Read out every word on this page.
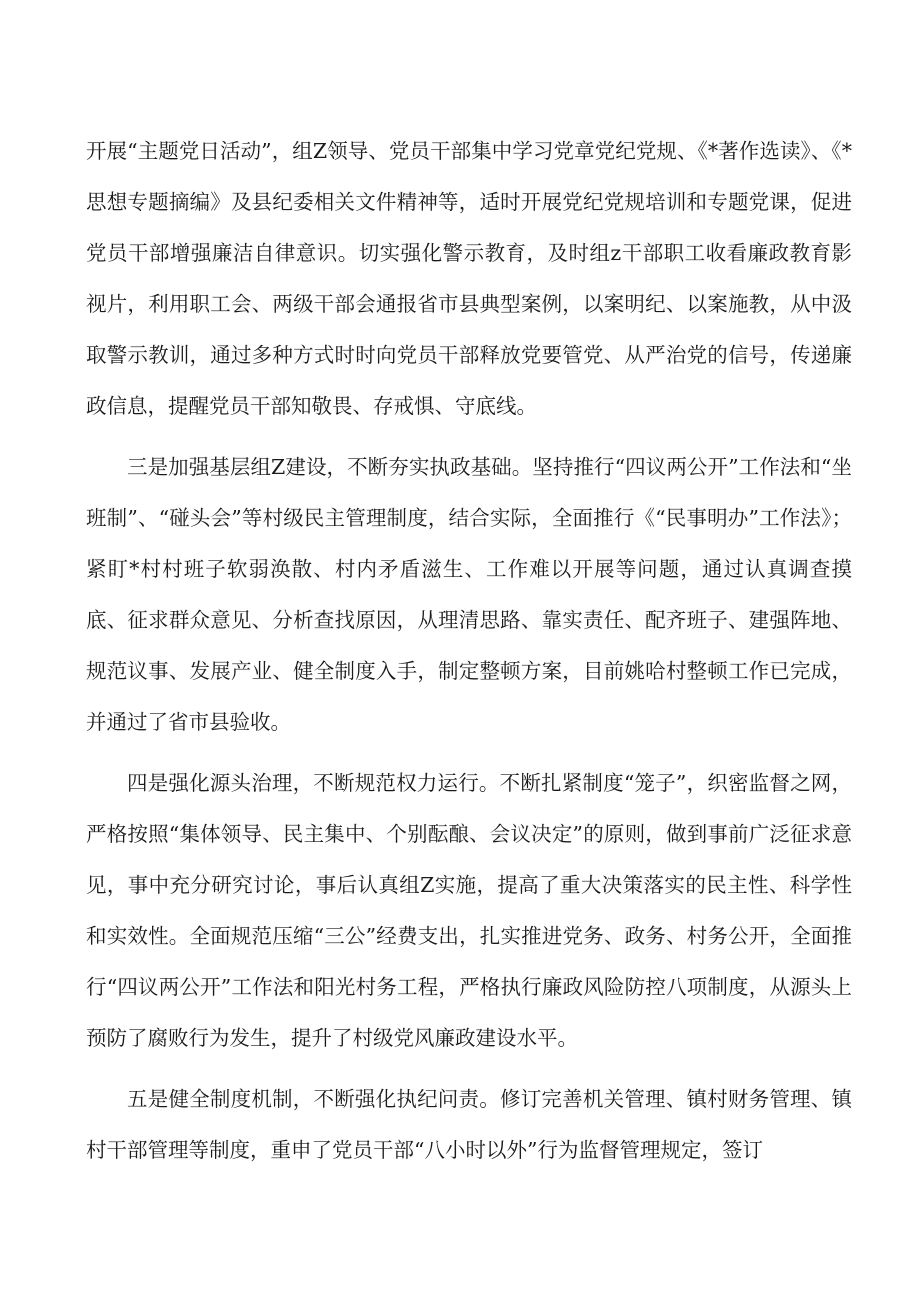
开展“主题党日活动”，组Z领导、党员干部集中学习党章党纪党规、《*著作选读》、《*思想专题摘编》及县纪委相关文件精神等，适时开展党纪党规培训和专题党课，促进党员干部增强廉洁自律意识。切实强化警示教育，及时组z干部职工收看廉政教育影视片，利用职工会、两级干部会通报省市县典型案例，以案明纪、以案施教，从中汲取警示教训，通过多种方式时时向党员干部释放党要管党、从严治党的信号，传递廉政信息，提醒党员干部知敬畏、存戒惧、守底线。

三是加强基层组Z建设，不断夯实执政基础。坚持推行“四议两公开”工作法和“坐班制”、“碰头会”等村级民主管理制度，结合实际，全面推行《“民事明办”工作法》；紧盯*村村班子软弱涣散、村内矛盾滋生、工作难以开展等问题，通过认真调查摸底、征求群众意见、分析查找原因，从理清思路、靠实责任、配齐班子、建强阵地、规范议事、发展产业、健全制度入手，制定整顿方案，目前姚哈村整顿工作已完成，并通过了省市县验收。

四是强化源头治理，不断规范权力运行。不断扎紧制度“笼子”，织密监督之网，严格按照“集体领导、民主集中、个别酝酿、会议决定”的原则，做到事前广泛征求意见，事中充分研究讨论，事后认真组Z实施，提高了重大决策落实的民主性、科学性和实效性。全面规范压缩“三公”经费支出，扎实推进党务、政务、村务公开，全面推行“四议两公开”工作法和阳光村务工程，严格执行廉政风险防控八项制度，从源头上预防了腐败行为发生，提升了村级党风廉政建设水平。

五是健全制度机制，不断强化执纪问责。修订完善机关管理、镇村财务管理、镇村干部管理等制度，重申了党员干部“八小时以外”行为监督管理规定，签订
